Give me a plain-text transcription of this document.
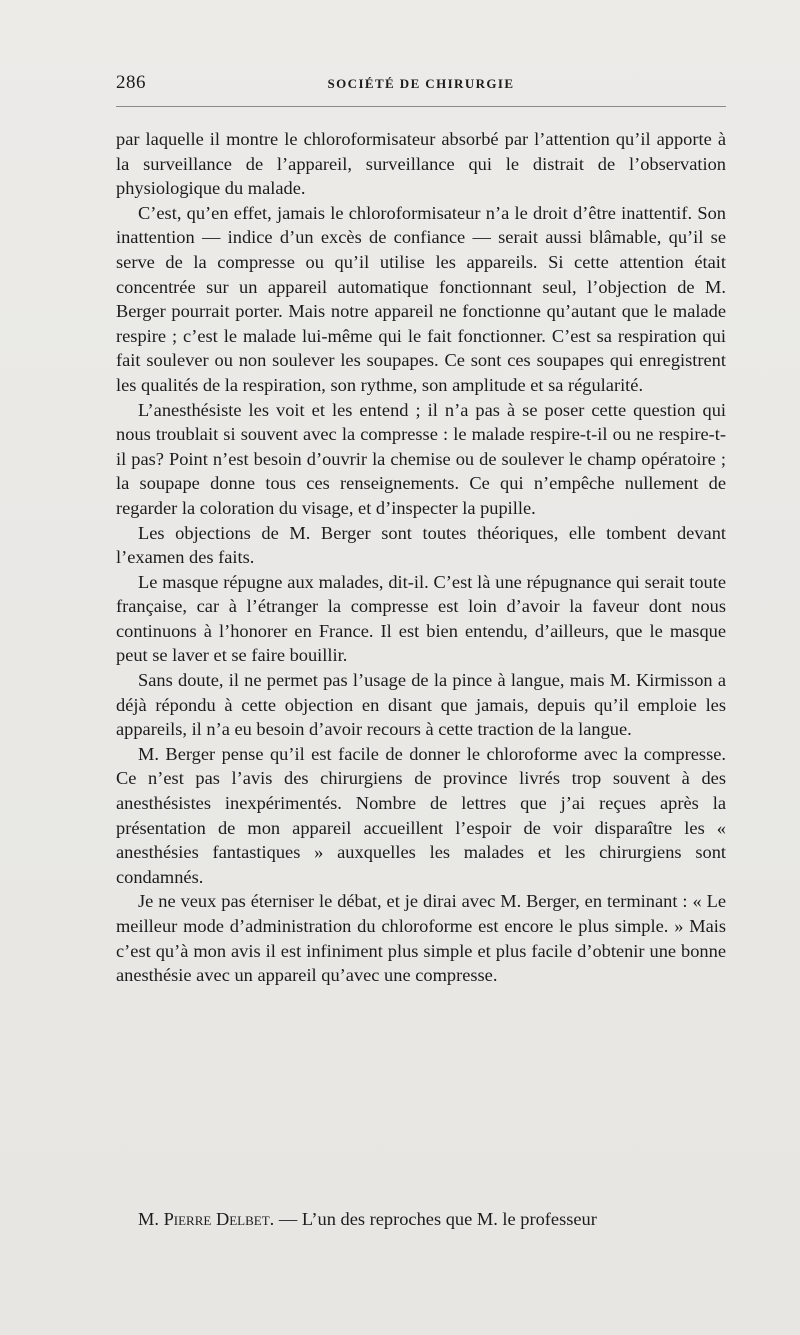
286	SOCIÉTÉ DE CHIRURGIE

par laquelle il montre le chloroformisateur absorbé par l’attention qu’il apporte à la surveillance de l’appareil, surveillance qui le distrait de l’observation physiologique du malade.

C’est, qu’en effet, jamais le chloroformisateur n’a le droit d’être inattentif. Son inattention — indice d’un excès de confiance — serait aussi blâmable, qu’il se serve de la compresse ou qu’il utilise les appareils. Si cette attention était concentrée sur un appareil automatique fonctionnant seul, l’objection de M. Berger pourrait porter. Mais notre appareil ne fonctionne qu’autant que le malade respire ; c’est le malade lui-même qui le fait fonctionner. C’est sa respiration qui fait soulever ou non soulever les soupapes. Ce sont ces soupapes qui enregistrent les qualités de la respiration, son rythme, son amplitude et sa régularité.

L’anesthésiste les voit et les entend ; il n’a pas à se poser cette question qui nous troublait si souvent avec la compresse : le malade respire-t-il ou ne respire-t-il pas? Point n’est besoin d’ouvrir la chemise ou de soulever le champ opératoire ; la soupape donne tous ces renseignements. Ce qui n’empêche nullement de regarder la coloration du visage, et d’inspecter la pupille.

Les objections de M. Berger sont toutes théoriques, elle tombent devant l’examen des faits.

Le masque répugne aux malades, dit-il. C’est là une répugnance qui serait toute française, car à l’étranger la compresse est loin d’avoir la faveur dont nous continuons à l’honorer en France. Il est bien entendu, d’ailleurs, que le masque peut se laver et se faire bouillir.

Sans doute, il ne permet pas l’usage de la pince à langue, mais M. Kirmisson a déjà répondu à cette objection en disant que jamais, depuis qu’il emploie les appareils, il n’a eu besoin d’avoir recours à cette traction de la langue.

M. Berger pense qu’il est facile de donner le chloroforme avec la compresse. Ce n’est pas l’avis des chirurgiens de province livrés trop souvent à des anesthésistes inexpérimentés. Nombre de lettres que j’ai reçues après la présentation de mon appareil accueillent l’espoir de voir disparaître les « anesthésies fantastiques » auxquelles les malades et les chirurgiens sont condamnés.

Je ne veux pas éterniser le débat, et je dirai avec M. Berger, en terminant : « Le meilleur mode d’administration du chloroforme est encore le plus simple. » Mais c’est qu’à mon avis il est infiniment plus simple et plus facile d’obtenir une bonne anesthésie avec un appareil qu’avec une compresse.

M. Pierre Delbet. — L’un des reproches que M. le professeur
